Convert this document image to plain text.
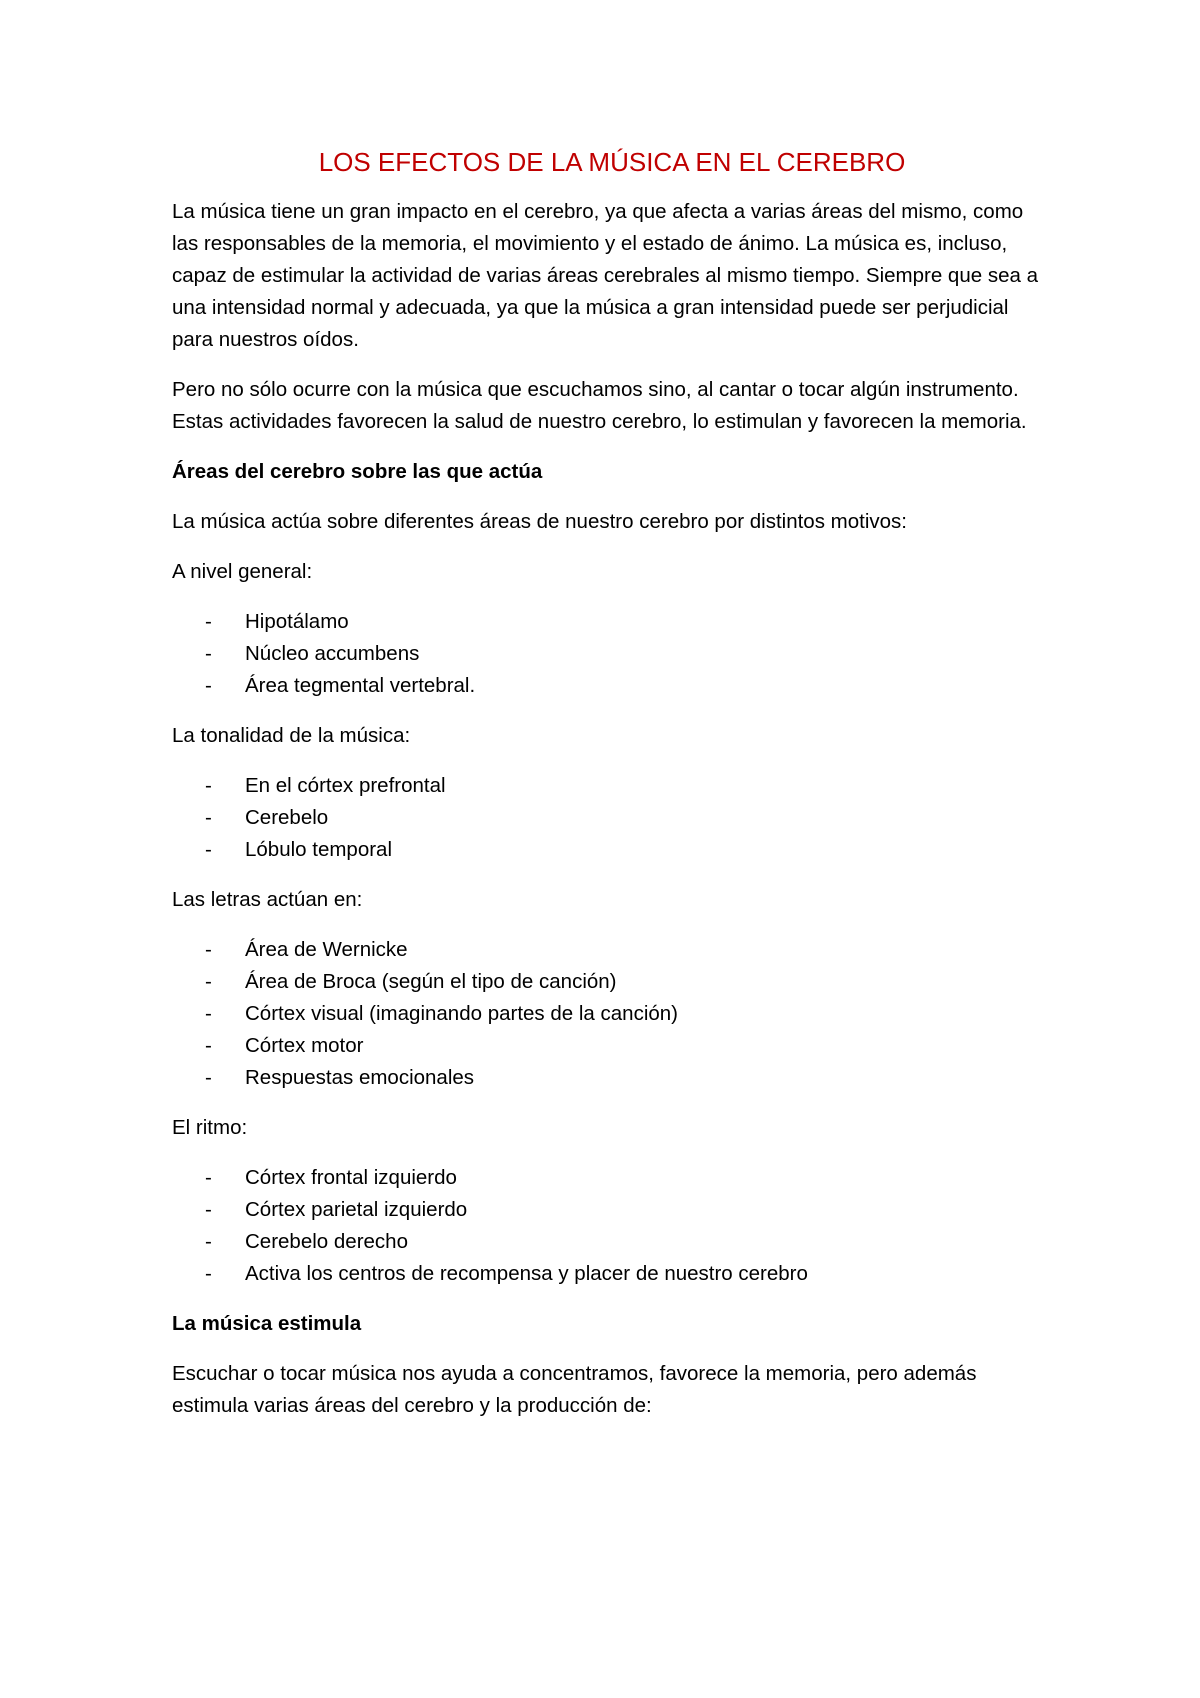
LOS EFECTOS DE LA MÚSICA EN EL CEREBRO

La música tiene un gran impacto en el cerebro, ya que afecta a varias áreas del mismo, como las responsables de la memoria, el movimiento y el estado de ánimo. La música es, incluso, capaz de estimular la actividad de varias áreas cerebrales al mismo tiempo. Siempre que sea a una intensidad normal y adecuada, ya que la música a gran intensidad puede ser perjudicial para nuestros oídos.

Pero no sólo ocurre con la música que escuchamos sino, al cantar o tocar algún instrumento. Estas actividades favorecen la salud de nuestro cerebro, lo estimulan y favorecen la memoria.

Áreas del cerebro sobre las que actúa

La música actúa sobre diferentes áreas de nuestro cerebro por distintos motivos:

A nivel general:

- Hipotálamo
- Núcleo accumbens
- Área tegmental vertebral.

La tonalidad de la música:

- En el córtex prefrontal
- Cerebelo
- Lóbulo temporal

Las letras actúan en:

- Área de Wernicke
- Área de Broca (según el tipo de canción)
- Córtex visual (imaginando partes de la canción)
- Córtex motor
- Respuestas emocionales

El ritmo:

- Córtex frontal izquierdo
- Córtex parietal izquierdo
- Cerebelo derecho
- Activa los centros de recompensa y placer de nuestro cerebro
La música estimula

Escuchar o tocar música nos ayuda a concentramos, favorece la memoria, pero además estimula varias áreas del cerebro y la producción de:
